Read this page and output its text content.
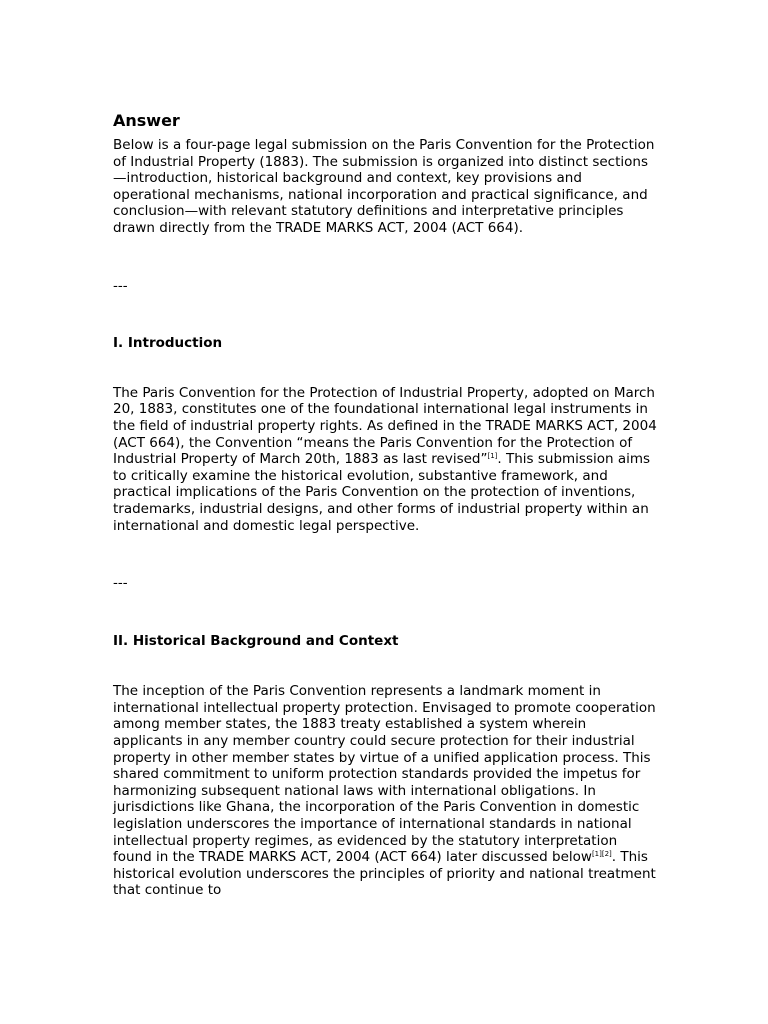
Answer

Below is a four-page legal submission on the Paris Convention for the Protection of Industrial Property (1883). The submission is organized into distinct sections—introduction, historical background and context, key provisions and operational mechanisms, national incorporation and practical significance, and conclusion—with relevant statutory definitions and interpretative principles drawn directly from the TRADE MARKS ACT, 2004 (ACT 664).

---

I. Introduction

The Paris Convention for the Protection of Industrial Property, adopted on March 20, 1883, constitutes one of the foundational international legal instruments in the field of industrial property rights. As defined in the TRADE MARKS ACT, 2004 (ACT 664), the Convention “means the Paris Convention for the Protection of Industrial Property of March 20th, 1883 as last revised”[1]. This submission aims to critically examine the historical evolution, substantive framework, and practical implications of the Paris Convention on the protection of inventions, trademarks, industrial designs, and other forms of industrial property within an international and domestic legal perspective.

---

II. Historical Background and Context

The inception of the Paris Convention represents a landmark moment in international intellectual property protection. Envisaged to promote cooperation among member states, the 1883 treaty established a system wherein applicants in any member country could secure protection for their industrial property in other member states by virtue of a unified application process. This shared commitment to uniform protection standards provided the impetus for harmonizing subsequent national laws with international obligations. In jurisdictions like Ghana, the incorporation of the Paris Convention in domestic legislation underscores the importance of international standards in national intellectual property regimes, as evidenced by the statutory interpretation found in the TRADE MARKS ACT, 2004 (ACT 664) later discussed below[1][2]. This historical evolution underscores the principles of priority and national treatment that continue to
